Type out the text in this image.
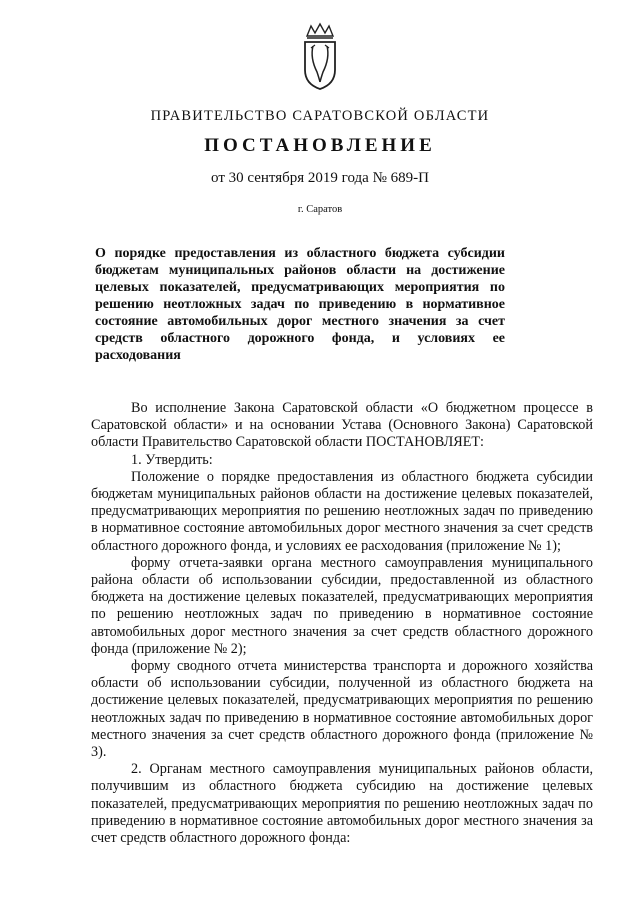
ПРАВИТЕЛЬСТВО САРАТОВСКОЙ ОБЛАСТИ
ПОСТАНОВЛЕНИЕ
от 30 сентября 2019 года № 689-П
г. Саратов

О порядке предоставления из областного бюджета субсидии бюджетам муниципальных районов области на достижение целевых показателей, предусматривающих мероприятия по решению неотложных задач по приведению в нормативное состояние автомобильных дорог местного значения за счет средств областного дорожного фонда, и условиях ее расходования

Во исполнение Закона Саратовской области «О бюджетном процессе в Саратовской области» и на основании Устава (Основного Закона) Саратовской области Правительство Саратовской области ПОСТАНОВЛЯЕТ:

1. Утвердить:

Положение о порядке предоставления из областного бюджета субсидии бюджетам муниципальных районов области на достижение целевых показателей, предусматривающих мероприятия по решению неотложных задач по приведению в нормативное состояние автомобильных дорог местного значения за счет средств областного дорожного фонда, и условиях ее расходования (приложение № 1);

форму отчета-заявки органа местного самоуправления муниципального района области об использовании субсидии, предоставленной из областного бюджета на достижение целевых показателей, предусматривающих мероприятия по решению неотложных задач по приведению в нормативное состояние автомобильных дорог местного значения за счет средств областного дорожного фонда (приложение № 2);

форму сводного отчета министерства транспорта и дорожного хозяйства области об использовании субсидии, полученной из областного бюджета на достижение целевых показателей, предусматривающих мероприятия по решению неотложных задач по приведению в нормативное состояние автомобильных дорог местного значения за счет средств областного дорожного фонда (приложение № 3).

2. Органам местного самоуправления муниципальных районов области, получившим из областного бюджета субсидию на достижение целевых показателей, предусматривающих мероприятия по решению неотложных задач по приведению в нормативное состояние автомобильных дорог местного значения за счет средств областного дорожного фонда:
